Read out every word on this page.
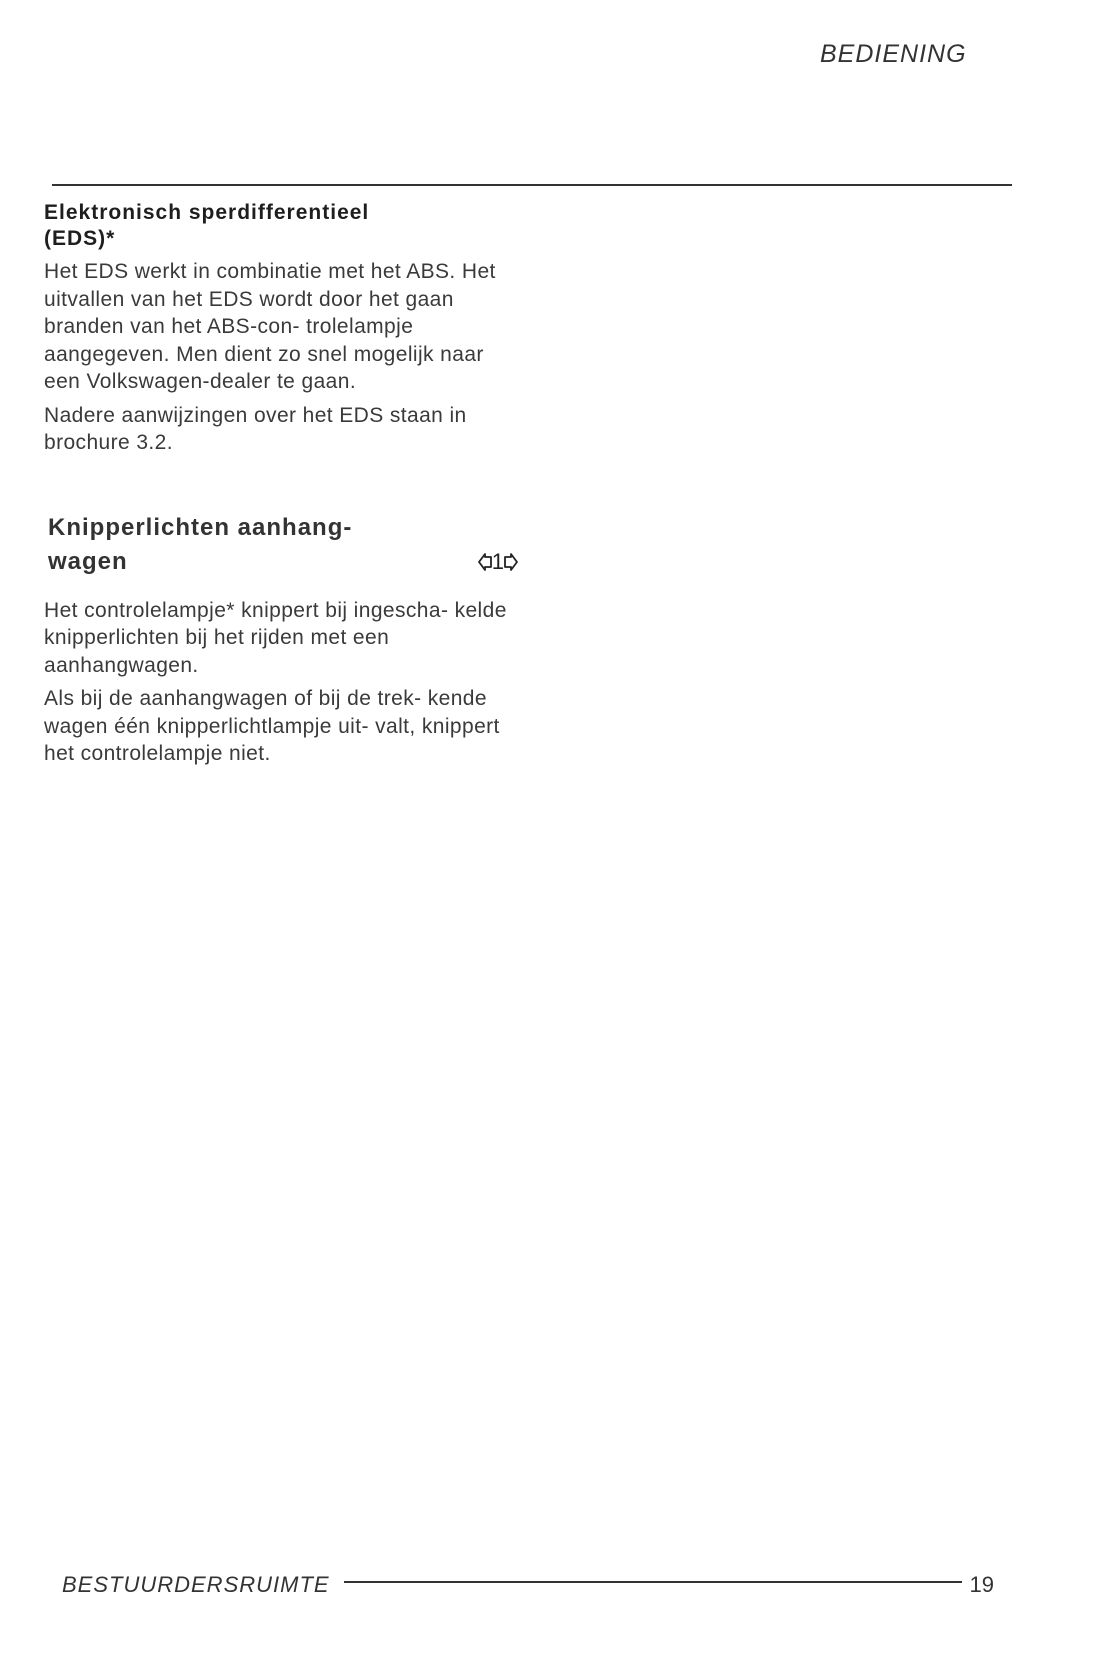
BEDIENING
Elektronisch sperdifferentieel
(EDS)*

Het EDS werkt in combinatie met het ABS. Het uitvallen van het EDS wordt door het gaan branden van het ABS-con- trolelampje aangegeven. Men dient zo snel mogelijk naar een Volkswagen-dealer te gaan.

Nadere aanwijzingen over het EDS staan in brochure 3.2.

Knipperlichten aanhang-
wagen	1

Het controlelampje* knippert bij ingescha- kelde knipperlichten bij het rijden met een aanhangwagen.

Als bij de aanhangwagen of bij de trek- kende wagen één knipperlichtlampje uit- valt, knippert het controlelampje niet.

BESTUURDERSRUIMTE	19
